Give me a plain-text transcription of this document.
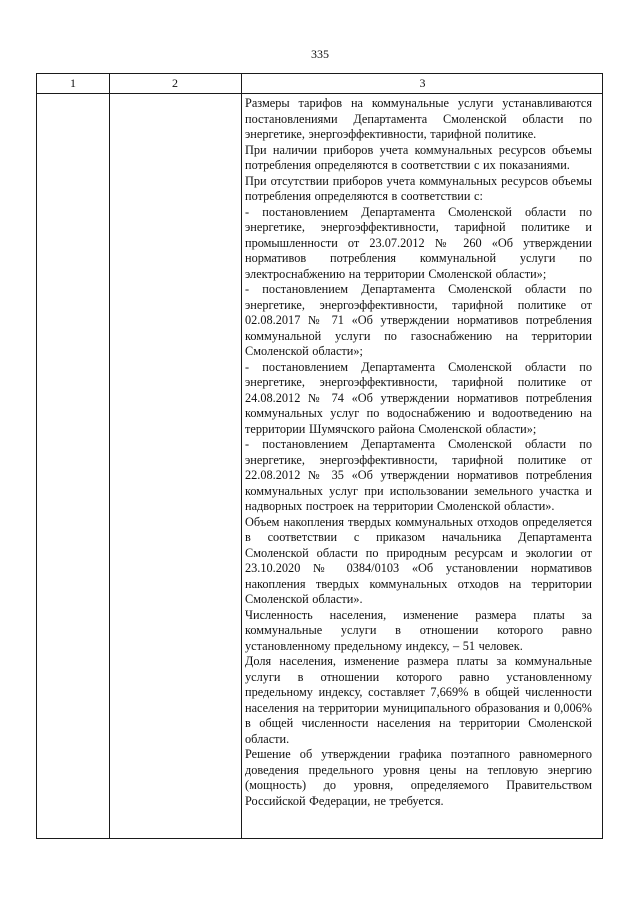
335
1	2	3

Размеры тарифов на коммунальные услуги устанавливаются постановлениями Департамента Смоленской области по энергетике, энергоэффективности, тарифной политике.

При наличии приборов учета коммунальных ресурсов объемы потребления определяются в соответствии с их показаниями.

При отсутствии приборов учета коммунальных ресурсов объемы потребления определяются в соответствии с:

- постановлением Департамента Смоленской области по энергетике, энергоэффективности, тарифной политике и промышленности от 23.07.2012 № 260 «Об утверждении нормативов потребления коммунальной услуги по электроснабжению на территории Смоленской области»;

- постановлением Департамента Смоленской области по энергетике, энергоэффективности, тарифной политике от 02.08.2017 № 71 «Об утверждении нормативов потребления коммунальной услуги по газоснабжению на территории Смоленской области»;

- постановлением Департамента Смоленской области по энергетике, энергоэффективности, тарифной политике от 24.08.2012 № 74 «Об утверждении нормативов потребления коммунальных услуг по водоснабжению и водоотведению на территории Шумячского района Смоленской области»;

- постановлением Департамента Смоленской области по энергетике, энергоэффективности, тарифной политике от 22.08.2012 № 35 «Об утверждении нормативов потребления коммунальных услуг при использовании земельного участка и надворных построек на территории Смоленской области».

Объем накопления твердых коммунальных отходов определяется в соответствии с приказом начальника Департамента Смоленской области по природным ресурсам и экологии от 23.10.2020 № 0384/0103 «Об установлении нормативов накопления твердых коммунальных отходов на территории Смоленской области».

Численность населения, изменение размера платы за коммунальные услуги в отношении которого равно установленному предельному индексу, – 51 человек.

Доля населения, изменение размера платы за коммунальные услуги в отношении которого равно установленному предельному индексу, составляет 7,669% в общей численности населения на территории муниципального образования и 0,006% в общей численности населения на территории Смоленской области.

Решение об утверждении графика поэтапного равномерного доведения предельного уровня цены на тепловую энергию (мощность) до уровня, определяемого Правительством Российской Федерации, не требуется.
